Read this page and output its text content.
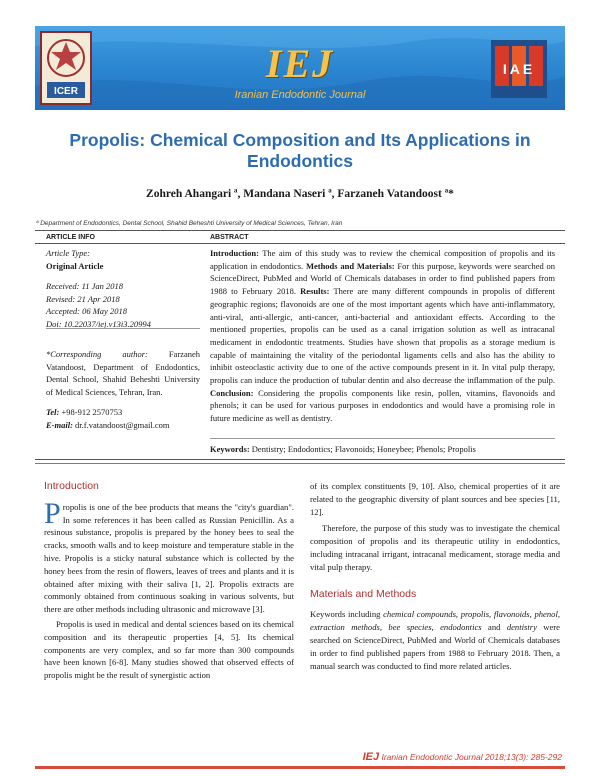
ICER
IEJ
Iranian Endodontic Journal
IAE
Propolis: Chemical Composition and Its Applications in Endodontics
Zohreh Ahangari ª, Mandana Naseri ª, Farzaneh Vatandoost ª*
ª Department of Endodontics, Dental School, Shahid Beheshti University of Medical Sciences, Tehran, Iran
ARTICLE INFO	ABSTRACT
Article Type:
Original Article
Received: 11 Jan 2018
Revised: 21 Apr 2018
Accepted: 06 May 2018
Doi: 10.22037/iej.v13i3.20994
*Corresponding author: Farzaneh Vatandoost, Department of Endodontics, Dental School, Shahid Beheshti University of Medical Sciences, Tehran, Iran.
Tel: +98-912 2570753
E-mail: dr.f.vatandoost@gmail.com
Introduction: The aim of this study was to review the chemical composition of propolis and its application in endodontics. Methods and Materials: For this purpose, keywords were searched on ScienceDirect, PubMed and World of Chemicals databases in order to find published papers from 1988 to February 2018. Results: There are many different compounds in propolis of different geographic regions; flavonoids are one of the most important agents which have anti-inflammatory, anti-viral, anti-allergic, anti-cancer, anti-bacterial and antioxidant effects. According to the mentioned properties, propolis can be used as a canal irrigation solution as well as intracanal medicament in endodontic treatments. Studies have shown that propolis as a storage medium is capable of maintaining the vitality of the periodontal ligaments cells and also has the ability to inhibit osteoclastic activity due to one of the active compounds present in it. In vital pulp therapy, propolis can induce the production of tubular dentin and also decrease the inflammation of the pulp. Conclusion: Considering the propolis components like resin, pollen, vitamins, flavonoids and phenols; it can be used for various purposes in endodontics and would have a promising role in future medicine as well as dentistry.
Keywords: Dentistry; Endodontics; Flavonoids; Honeybee; Phenols; Propolis
Introduction

Propolis is one of the bee products that means the "city's guardian". In some references it has been called as Russian Penicillin. As a resinous substance, propolis is prepared by the honey bees to seal the cracks, smooth walls and to keep moisture and temperature stable in the hive. Propolis is a sticky natural substance which is collected by the honey bees from the resin of flowers, leaves of trees and plants and it is obtained after mixing with their saliva [1, 2]. Propolis extracts are commonly obtained from continuous soaking in various solvents, but there are other methods including ultrasonic and microwave [3].

Propolis is used in medical and dental sciences based on its chemical composition and its therapeutic properties [4, 5]. Its chemical components are very complex, and so far more than 300 compounds have been known [6-8]. Many studies showed that observed effects of propolis might be the result of synergistic action

of its complex constituents [9, 10]. Also, chemical properties of it are related to the geographic diversity of plant sources and bee species [11, 12].

Therefore, the purpose of this study was to investigate the chemical composition of propolis and its therapeutic utility in endodontics, including intracanal irrigant, intracanal medicament, storage media and vital pulp therapy.

Materials and Methods

Keywords including chemical compounds, propolis, flavonoids, phenol, extraction methods, bee species, endodontics and dentistry were searched on ScienceDirect, PubMed and World of Chemicals databases in order to find published papers from 1988 to February 2018. Then, a manual search was conducted to find more related articles.

IEJ Iranian Endodontic Journal 2018;13(3): 285-292
